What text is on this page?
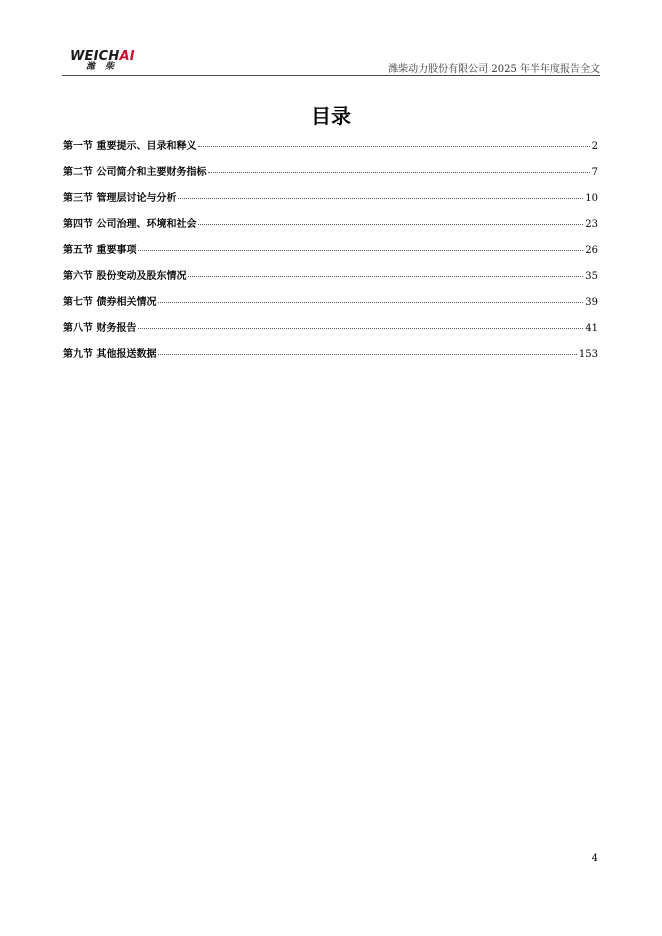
WEICHAI
潍柴	潍柴动力股份有限公司 2025 年半年度报告全文
目录
第一节 重要提示、目录和释义	2
第二节 公司简介和主要财务指标	7
第三节 管理层讨论与分析	10
第四节 公司治理、环境和社会	23
第五节 重要事项	26
第六节 股份变动及股东情况	35
第七节 债券相关情况	39
第八节 财务报告	41
第九节 其他报送数据	153
4
